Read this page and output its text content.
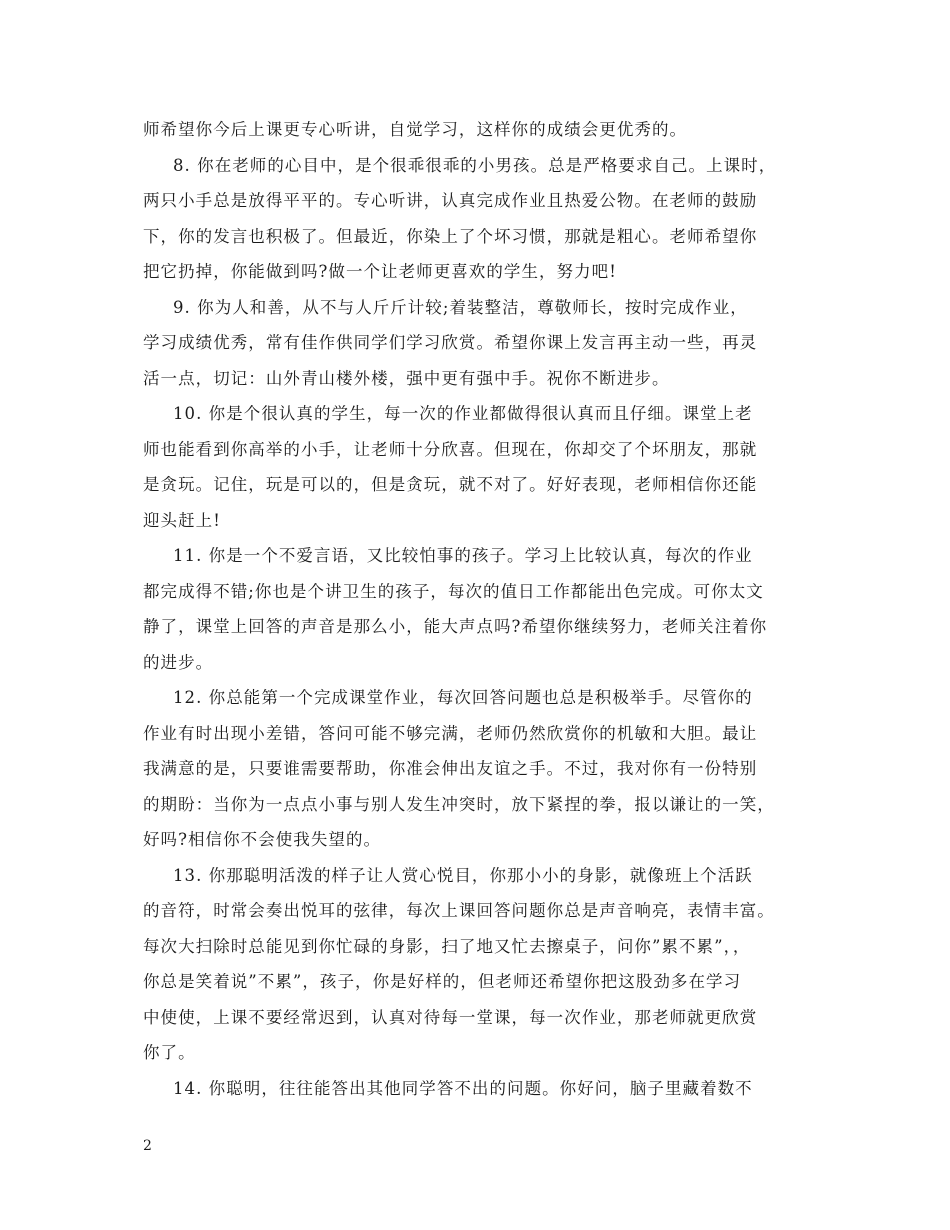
师希望你今后上课更专心听讲，自觉学习，这样你的成绩会更优秀的。
8. 你在老师的心目中，是个很乖很乖的小男孩。总是严格要求自己。上课时，
两只小手总是放得平平的。专心听讲，认真完成作业且热爱公物。在老师的鼓励
下，你的发言也积极了。但最近，你染上了个坏习惯，那就是粗心。老师希望你
把它扔掉，你能做到吗?做一个让老师更喜欢的学生，努力吧!
9. 你为人和善，从不与人斤斤计较;着装整洁，尊敬师长，按时完成作业，
学习成绩优秀，常有佳作供同学们学习欣赏。希望你课上发言再主动一些，再灵
活一点，切记：山外青山楼外楼，强中更有强中手。祝你不断进步。
10. 你是个很认真的学生，每一次的作业都做得很认真而且仔细。课堂上老
师也能看到你高举的小手，让老师十分欣喜。但现在，你却交了个坏朋友，那就
是贪玩。记住，玩是可以的，但是贪玩，就不对了。好好表现，老师相信你还能
迎头赶上!
11. 你是一个不爱言语，又比较怕事的孩子。学习上比较认真，每次的作业
都完成得不错;你也是个讲卫生的孩子，每次的值日工作都能出色完成。可你太文
静了，课堂上回答的声音是那么小，能大声点吗?希望你继续努力，老师关注着你
的进步。
12. 你总能第一个完成课堂作业，每次回答问题也总是积极举手。尽管你的
作业有时出现小差错，答问可能不够完满，老师仍然欣赏你的机敏和大胆。最让
我满意的是，只要谁需要帮助，你准会伸出友谊之手。不过，我对你有一份特别
的期盼：当你为一点点小事与别人发生冲突时，放下紧捏的拳，报以谦让的一笑，
好吗?相信你不会使我失望的。
13. 你那聪明活泼的样子让人赏心悦目，你那小小的身影，就像班上个活跃
的音符，时常会奏出悦耳的弦律，每次上课回答问题你总是声音响亮，表情丰富。
每次大扫除时总能见到你忙碌的身影，扫了地又忙去擦桌子，问你”累不累”，，
你总是笑着说”不累”，孩子，你是好样的，但老师还希望你把这股劲多在学习
中使使，上课不要经常迟到，认真对待每一堂课，每一次作业，那老师就更欣赏
你了。
14. 你聪明，往往能答出其他同学答不出的问题。你好问，脑子里藏着数不
2
